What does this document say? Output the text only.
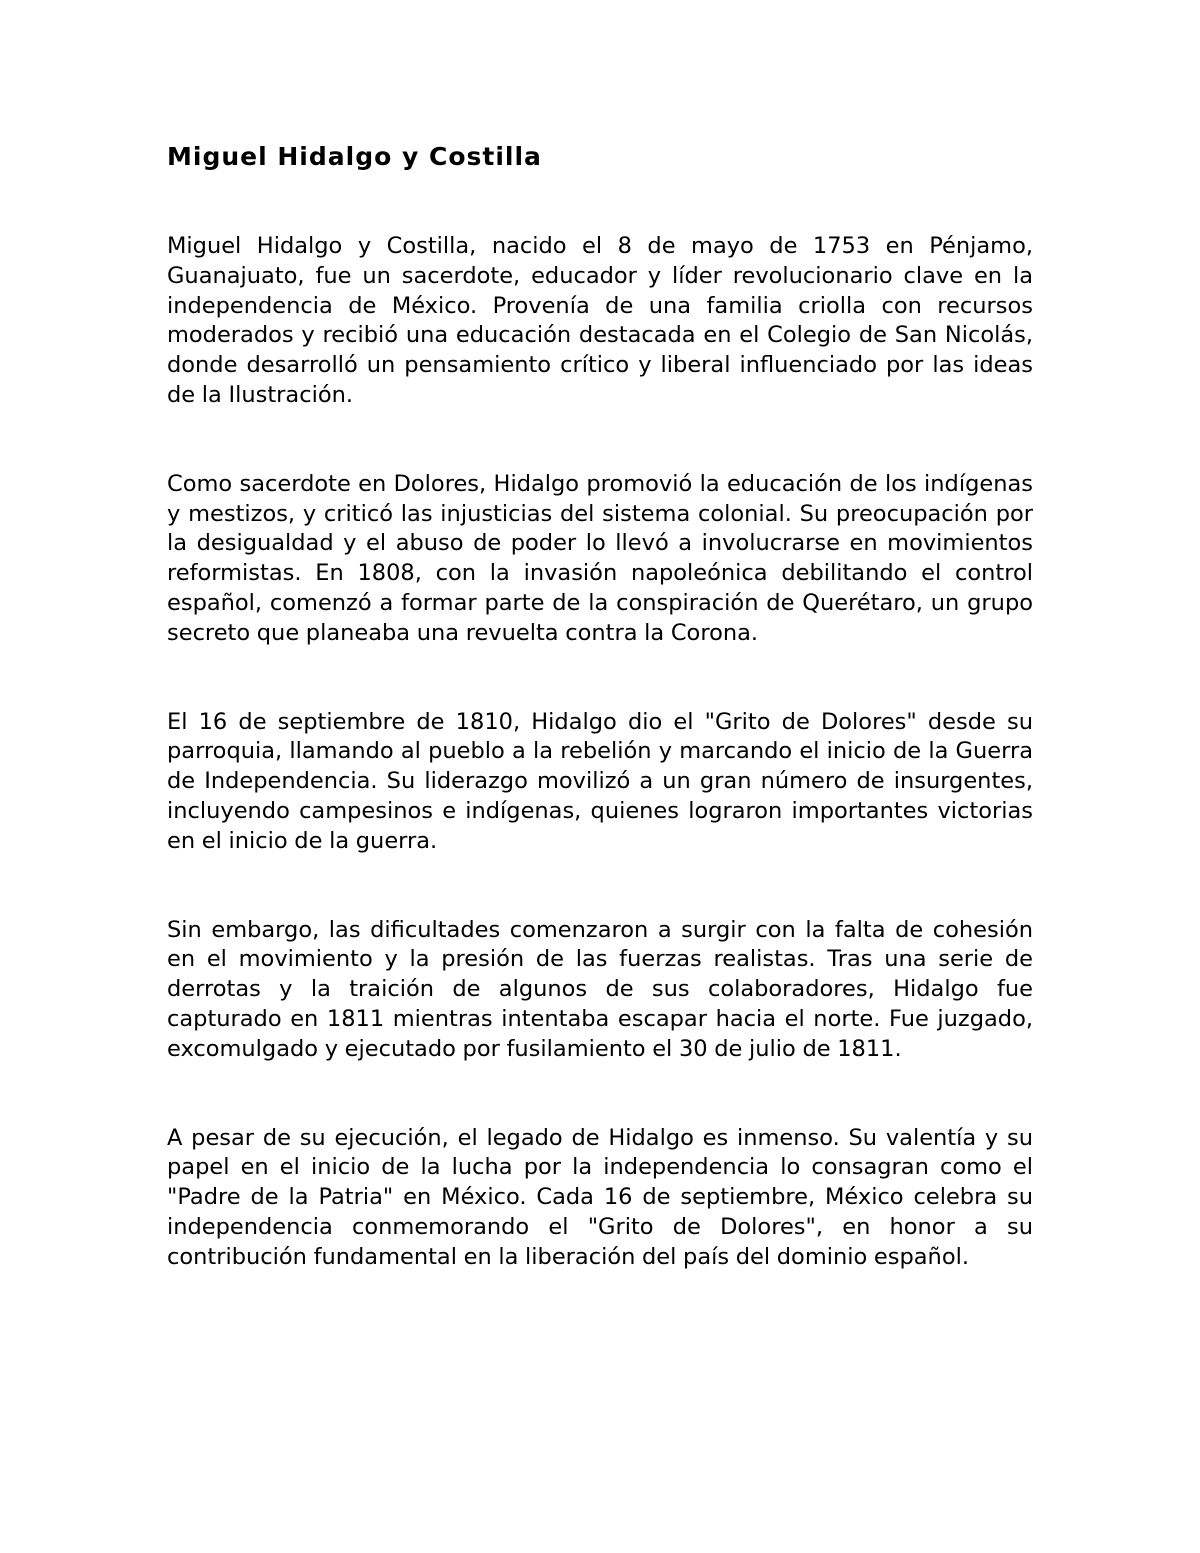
Miguel Hidalgo y Costilla

Miguel Hidalgo y Costilla, nacido el 8 de mayo de 1753 en Pénjamo, Guanajuato, fue un sacerdote, educador y líder revolucionario clave en la independencia de México. Provenía de una familia criolla con recursos moderados y recibió una educación destacada en el Colegio de San Nicolás, donde desarrolló un pensamiento crítico y liberal influenciado por las ideas de la Ilustración.

Como sacerdote en Dolores, Hidalgo promovió la educación de los indígenas y mestizos, y criticó las injusticias del sistema colonial. Su preocupación por la desigualdad y el abuso de poder lo llevó a involucrarse en movimientos reformistas. En 1808, con la invasión napoleónica debilitando el control español, comenzó a formar parte de la conspiración de Querétaro, un grupo secreto que planeaba una revuelta contra la Corona.

El 16 de septiembre de 1810, Hidalgo dio el "Grito de Dolores" desde su parroquia, llamando al pueblo a la rebelión y marcando el inicio de la Guerra de Independencia. Su liderazgo movilizó a un gran número de insurgentes, incluyendo campesinos e indígenas, quienes lograron importantes victorias en el inicio de la guerra.

Sin embargo, las dificultades comenzaron a surgir con la falta de cohesión en el movimiento y la presión de las fuerzas realistas. Tras una serie de derrotas y la traición de algunos de sus colaboradores, Hidalgo fue capturado en 1811 mientras intentaba escapar hacia el norte. Fue juzgado, excomulgado y ejecutado por fusilamiento el 30 de julio de 1811.

A pesar de su ejecución, el legado de Hidalgo es inmenso. Su valentía y su papel en el inicio de la lucha por la independencia lo consagran como el "Padre de la Patria" en México. Cada 16 de septiembre, México celebra su independencia conmemorando el "Grito de Dolores", en honor a su contribución fundamental en la liberación del país del dominio español.
